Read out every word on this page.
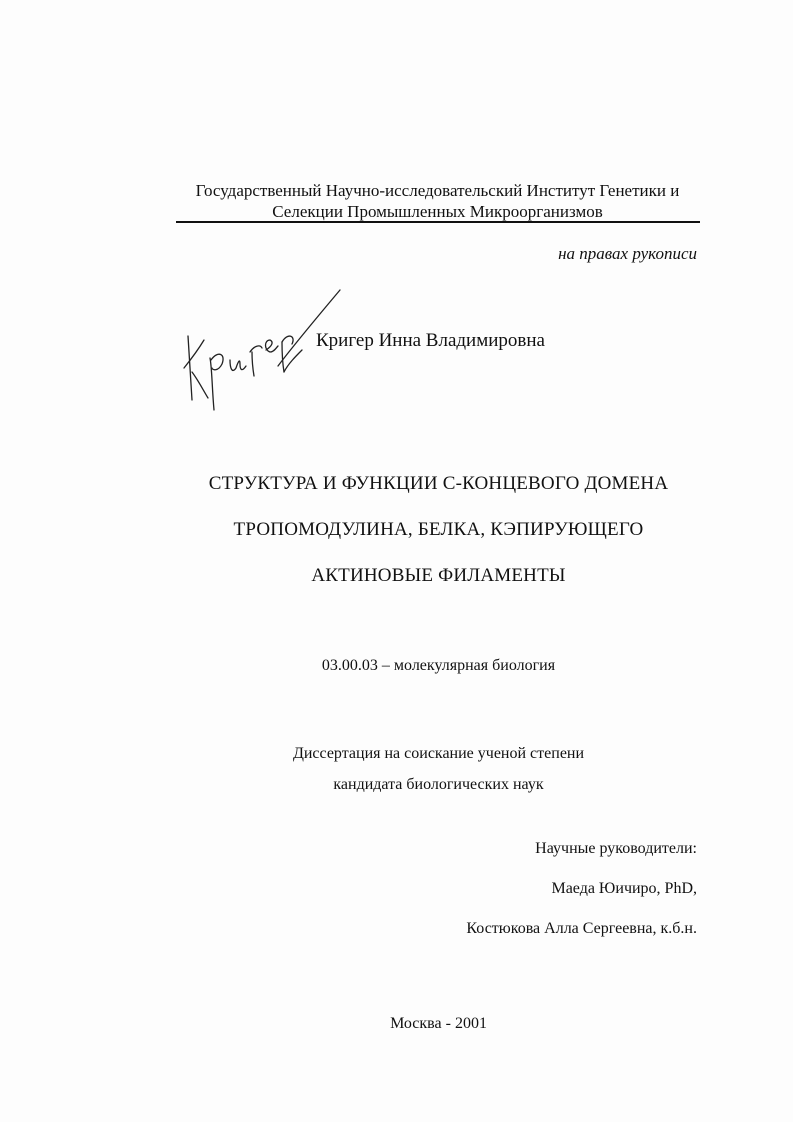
Государственный Научно-исследовательский Институт Генетики и
Селекции Промышленных Микроорганизмов
на правах рукописи
Кригер Инна Владимировна
СТРУКТУРА И ФУНКЦИИ С-КОНЦЕВОГО ДОМЕНА
ТРОПОМОДУЛИНА, БЕЛКА, КЭПИРУЮЩЕГО
АКТИНОВЫЕ ФИЛАМЕНТЫ
03.00.03 – молекулярная биология
Диссертация на соискание ученой степени
кандидата биологических наук
Научные руководители:
Маеда Юичиро, PhD,
Костюкова Алла Сергеевна, к.б.н.
Москва - 2001
